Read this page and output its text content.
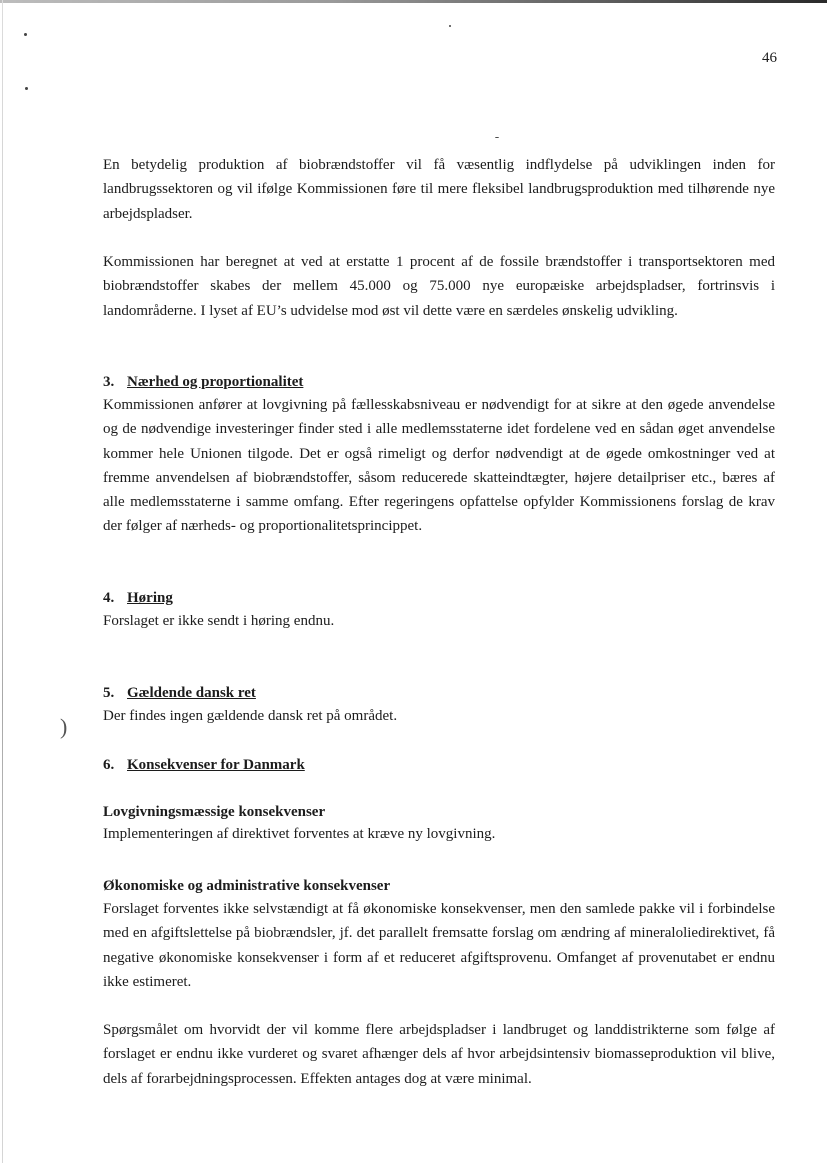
)
46
En betydelig produktion af biobrændstoffer vil få væsentlig indflydelse på udviklingen inden for landbrugssektoren og vil ifølge Kommissionen føre til mere fleksibel landbrugsproduktion med tilhørende nye arbejdspladser.
Kommissionen har beregnet at ved at erstatte 1 procent af de fossile brændstoffer i transportsektoren med biobrændstoffer skabes der mellem 45.000 og 75.000 nye europæiske arbejdspladser, fortrinsvis i landområderne. I lyset af EU’s udvidelse mod øst vil dette være en særdeles ønskelig udvikling.
3. Nærhed og proportionalitet
Kommissionen anfører at lovgivning på fællesskabsniveau er nødvendigt for at sikre at den øgede anvendelse og de nødvendige investeringer finder sted i alle medlemsstaterne idet fordelene ved en sådan øget anvendelse kommer hele Unionen tilgode. Det er også rimeligt og derfor nødvendigt at de øgede omkostninger ved at fremme anvendelsen af biobrændstoffer, såsom reducerede skatteindtægter, højere detailpriser etc., bæres af alle medlemsstaterne i samme omfang. Efter regeringens opfattelse opfylder Kommissionens forslag de krav der følger af nærheds- og proportionalitetsprincippet.
4. Høring
Forslaget er ikke sendt i høring endnu.
5. Gældende dansk ret
Der findes ingen gældende dansk ret på området.
6. Konsekvenser for Danmark
Lovgivningsmæssige konsekvenser
Implementeringen af direktivet forventes at kræve ny lovgivning.
Økonomiske og administrative konsekvenser
Forslaget forventes ikke selvstændigt at få økonomiske konsekvenser, men den samlede pakke vil i forbindelse med en afgiftslettelse på biobrændsler, jf. det parallelt fremsatte forslag om ændring af mineraloliedirektivet, få negative økonomiske konsekvenser i form af et reduceret afgiftsprovenu. Omfanget af provenutabet er endnu ikke estimeret.
Spørgsmålet om hvorvidt der vil komme flere arbejdspladser i landbruget og landdistrikterne som følge af forslaget er endnu ikke vurderet og svaret afhænger dels af hvor arbejdsintensiv biomasseproduktion vil blive, dels af forarbejdningsprocessen. Effekten antages dog at være minimal.
